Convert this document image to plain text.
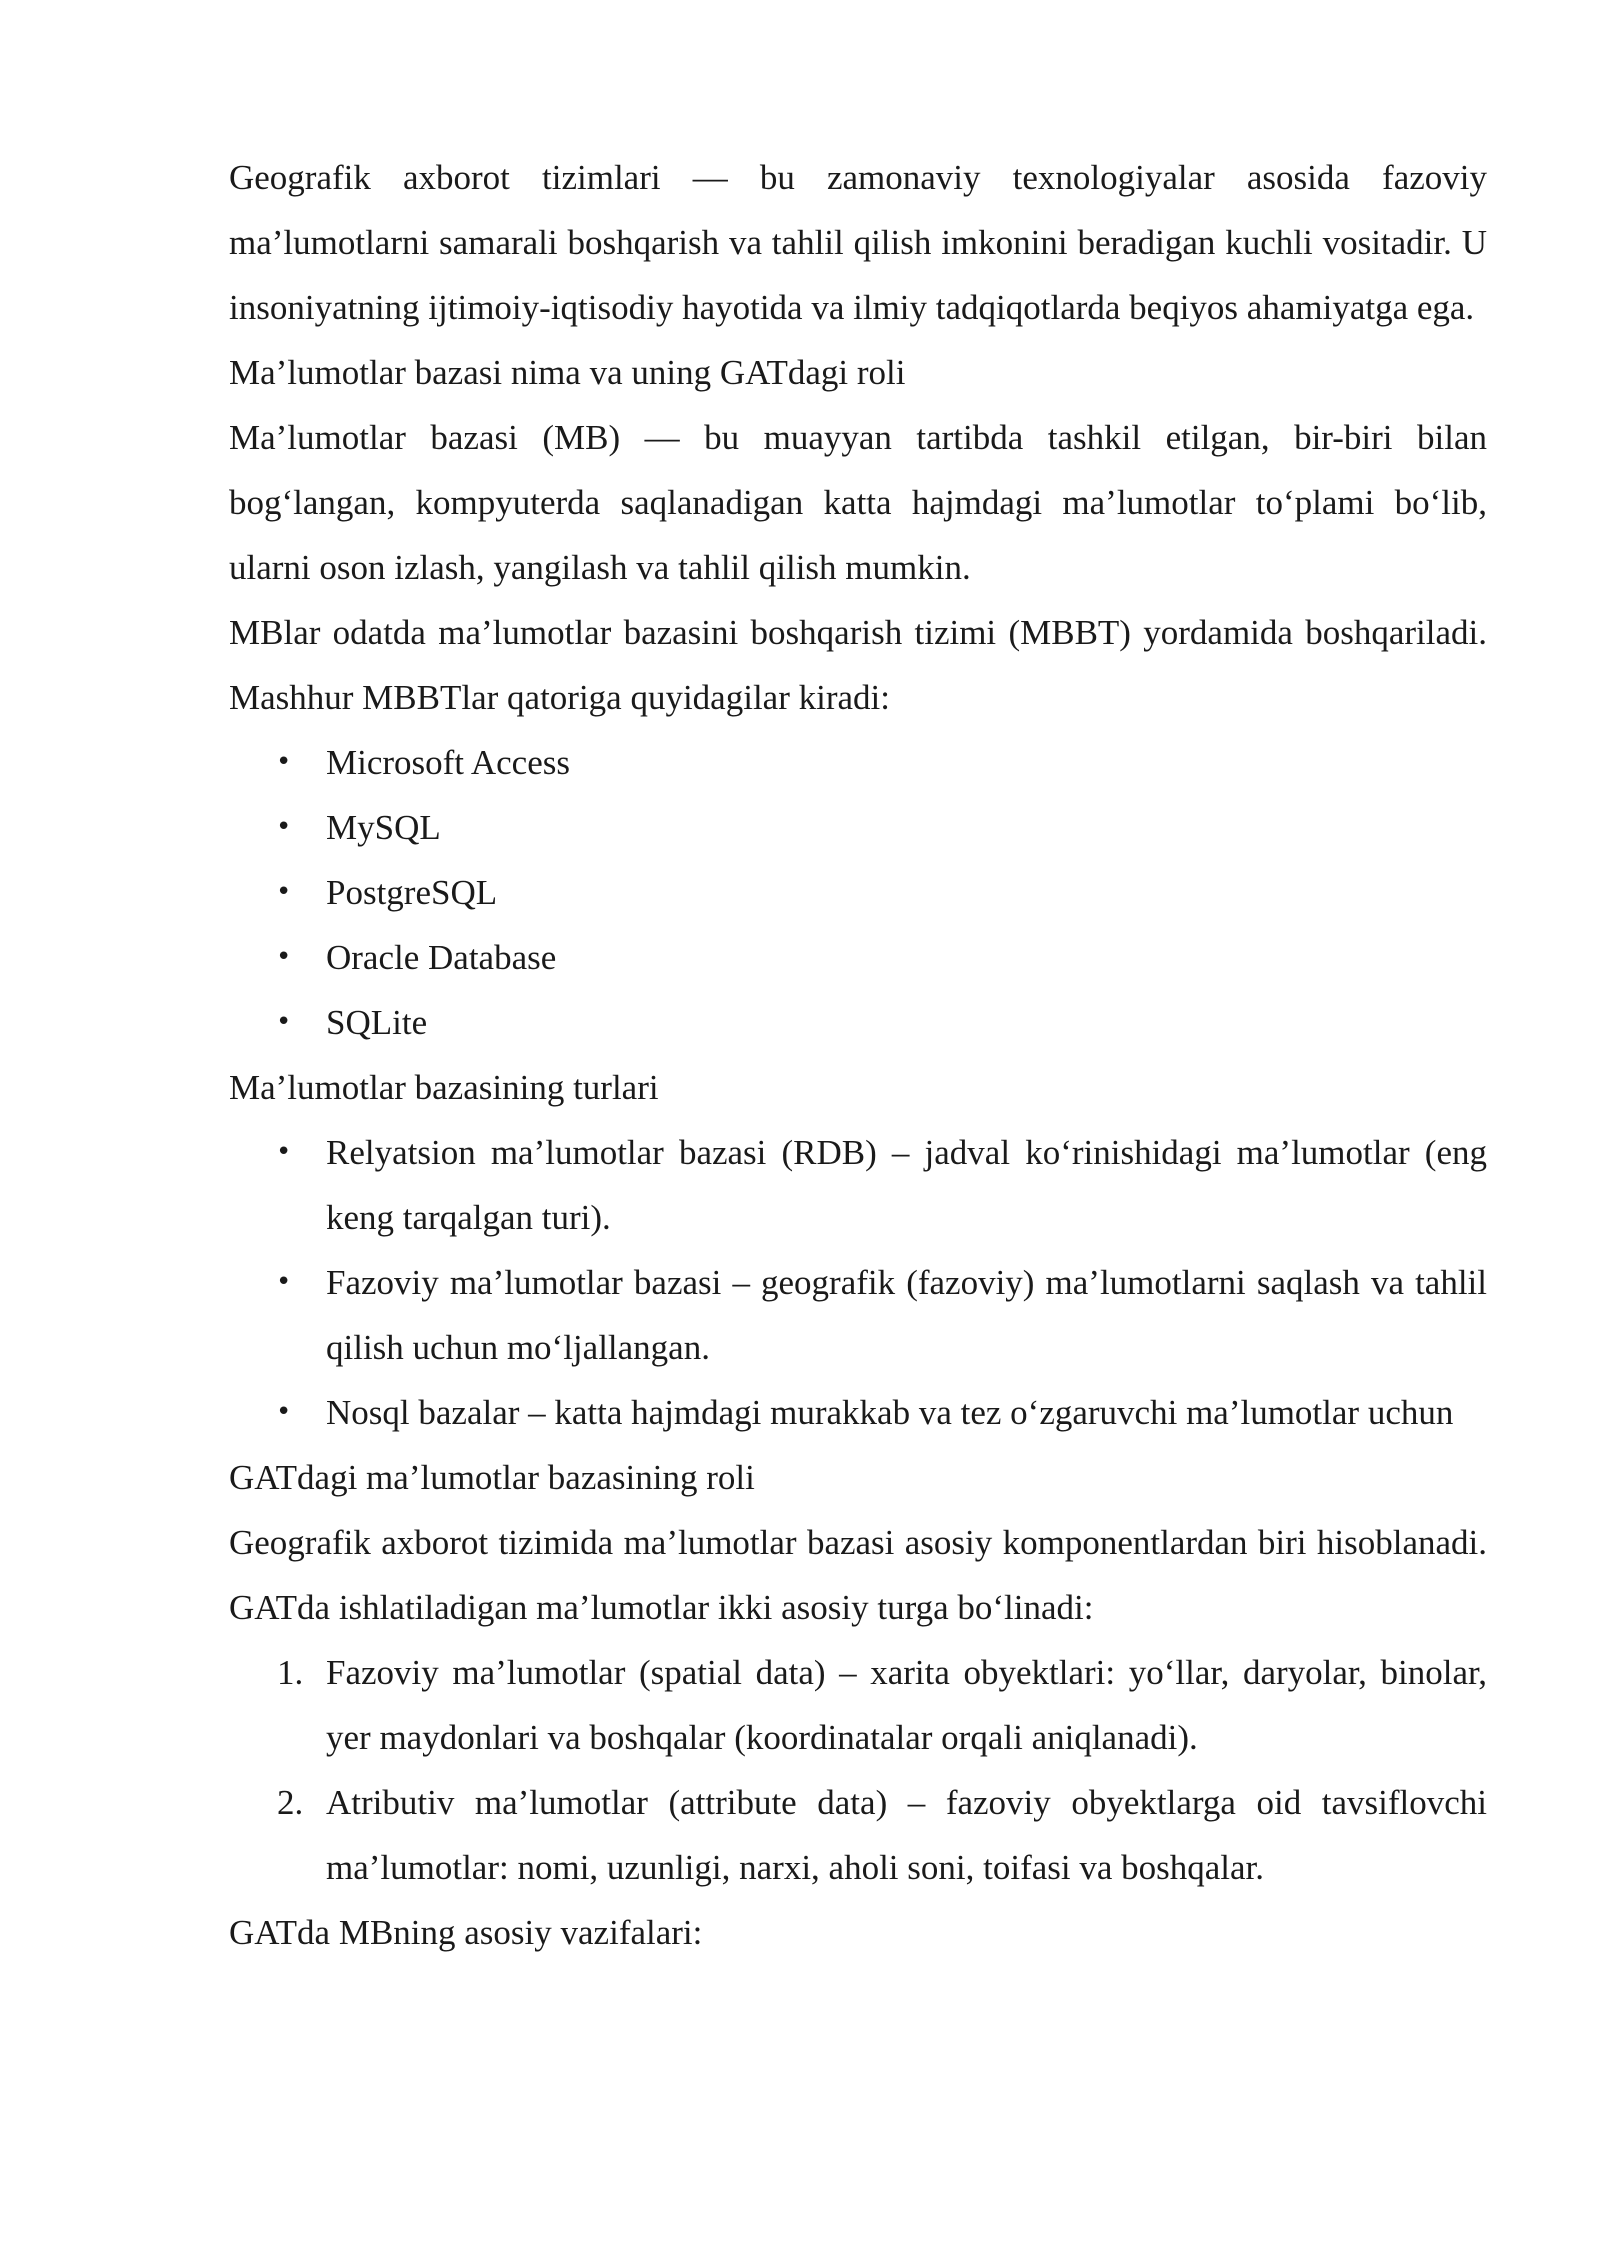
Geografik axborot tizimlari — bu zamonaviy texnologiyalar asosida fazoviy ma’lumotlarni samarali boshqarish va tahlil qilish imkonini beradigan kuchli vositadir. U insoniyatning ijtimoiy-iqtisodiy hayotida va ilmiy tadqiqotlarda beqiyos ahamiyatga ega.

Ma’lumotlar bazasi nima va uning GATdagi roli

Ma’lumotlar bazasi (MB) — bu muayyan tartibda tashkil etilgan, bir-biri bilan bog‘langan, kompyuterda saqlanadigan katta hajmdagi ma’lumotlar to‘plami bo‘lib, ularni oson izlash, yangilash va tahlil qilish mumkin.

MBlar odatda ma’lumotlar bazasini boshqarish tizimi (MBBT) yordamida boshqariladi. Mashhur MBBTlar qatoriga quyidagilar kiradi:

• Microsoft Access
• MySQL
• PostgreSQL
• Oracle Database
• SQLite

Ma’lumotlar bazasining turlari

• Relyatsion ma’lumotlar bazasi (RDB) – jadval ko‘rinishidagi ma’lumotlar (eng keng tarqalgan turi).
• Fazoviy ma’lumotlar bazasi – geografik (fazoviy) ma’lumotlarni saqlash va tahlil qilish uchun mo‘ljallangan.
• Nosql bazalar – katta hajmdagi murakkab va tez o‘zgaruvchi ma’lumotlar uchun

GATdagi ma’lumotlar bazasining roli

Geografik axborot tizimida ma’lumotlar bazasi asosiy komponentlardan biri hisoblanadi. GATda ishlatiladigan ma’lumotlar ikki asosiy turga bo‘linadi:

1. Fazoviy ma’lumotlar (spatial data) – xarita obyektlari: yo‘llar, daryolar, binolar, yer maydonlari va boshqalar (koordinatalar orqali aniqlanadi).
2. Atributiv ma’lumotlar (attribute data) – fazoviy obyektlarga oid tavsiflovchi ma’lumotlar: nomi, uzunligi, narxi, aholi soni, toifasi va boshqalar.

GATda MBning asosiy vazifalari:
